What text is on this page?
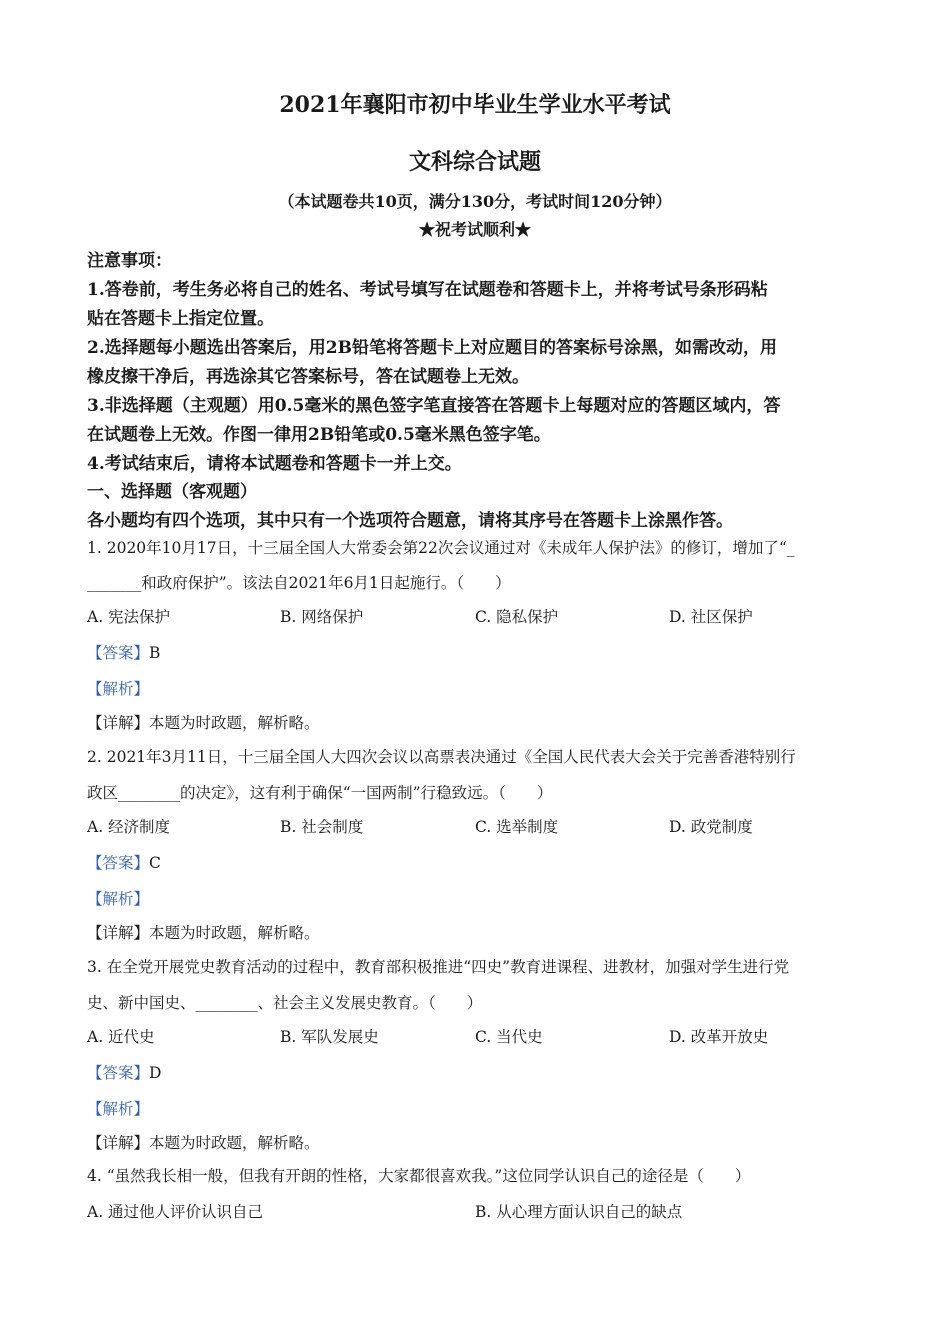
2021年襄阳市初中毕业生学业水平考试
文科综合试题
（本试题卷共10页，满分130分，考试时间120分钟）
★祝考试顺利★
注意事项：
1.答卷前，考生务必将自己的姓名、考试号填写在试题卷和答题卡上，并将考试号条形码粘
贴在答题卡上指定位置。
2.选择题每小题选出答案后，用2B铅笔将答题卡上对应题目的答案标号涂黑，如需改动，用
橡皮擦干净后，再选涂其它答案标号，答在试题卷上无效。
3.非选择题（主观题）用0.5毫米的黑色签字笔直接答在答题卡上每题对应的答题区域内，答
在试题卷上无效。作图一律用2B铅笔或0.5毫米黑色签字笔。
4.考试结束后，请将本试题卷和答题卡一并上交。
一、选择题（客观题）
各小题均有四个选项，其中只有一个选项符合题意，请将其序号在答题卡上涂黑作答。
1. 2020年10月17日，十三届全国人大常委会第22次会议通过对《未成年人保护法》的修订，增加了“_
_______和政府保护”。该法自2021年6月1日起施行。（　　）
A. 宪法保护	B. 网络保护	C. 隐私保护	D. 社区保护
【答案】B
【解析】
【详解】本题为时政题，解析略。
2. 2021年3月11日，十三届全国人大四次会议以高票表决通过《全国人民代表大会关于完善香港特别行
政区________的决定》，这有利于确保“一国两制”行稳致远。（　　）
A. 经济制度	B. 社会制度	C. 选举制度	D. 政党制度
【答案】C
【解析】
【详解】本题为时政题，解析略。
3. 在全党开展党史教育活动的过程中，教育部积极推进“四史”教育进课程、进教材，加强对学生进行党
史、新中国史、________、社会主义发展史教育。（　　）
A. 近代史	B. 军队发展史	C. 当代史	D. 改革开放史
【答案】D
【解析】
【详解】本题为时政题，解析略。
4. “虽然我长相一般，但我有开朗的性格，大家都很喜欢我。”这位同学认识自己的途径是（　　）
A. 通过他人评价认识自己	B. 从心理方面认识自己的缺点
